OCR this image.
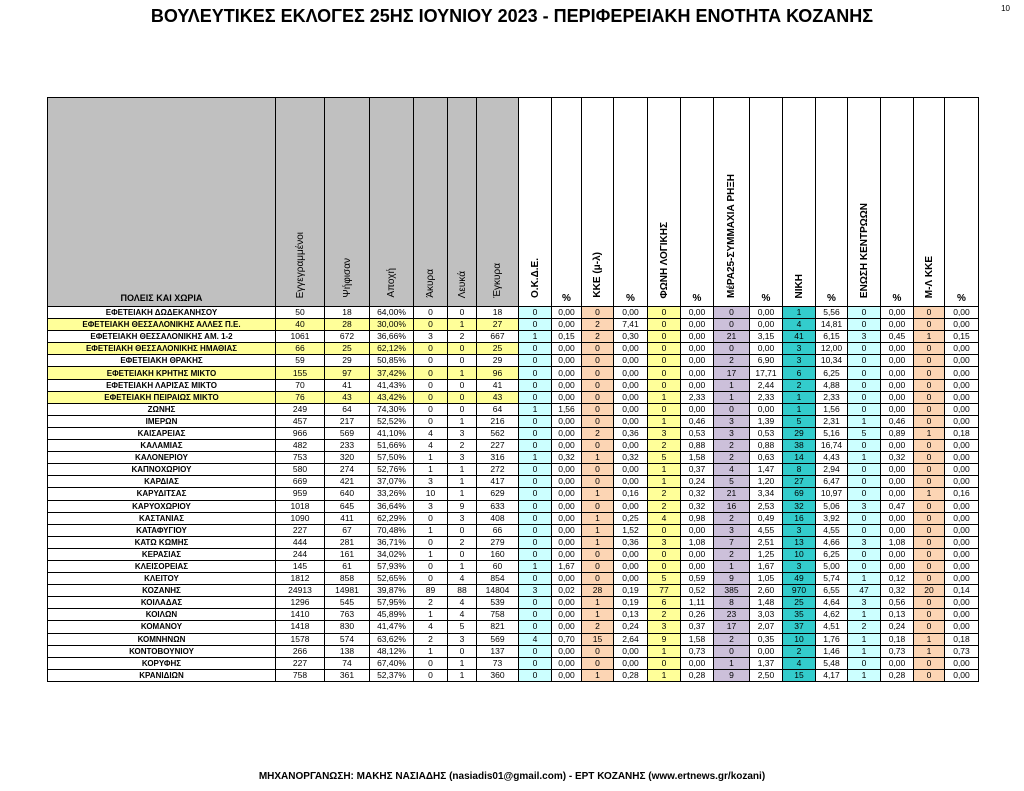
ΒΟΥΛΕΥΤΙΚΕΣ ΕΚΛΟΓΕΣ 25ΗΣ ΙΟΥΝΙΟΥ 2023 - ΠΕΡΙΦΕΡΕΙΑΚΗ ΕΝΟΤΗΤΑ ΚΟΖΑΝΗΣ	10
ΠΟΛΕΙΣ ΚΑΙ ΧΩΡΙΑ	Εγγεγραμμένοι	Ψήφισαν	Αποχή	Άκυρα	Λευκά	Έγκυρα	Ο.Κ.Δ.Ε.	%	ΚΚΕ (μ-λ)	%	ΦΩΝΗ ΛΟΓΙΚΗΣ	%	ΜέΡΑ25-ΣΥΜΜΑΧΙΑ ΡΗΞΗ	%	ΝΙΚΗ	%	ΕΝΩΣΗ ΚΕΝΤΡΩΩΝ	%	Μ-Λ ΚΚΕ	%
ΕΦΕΤΕΙΑΚΗ ΔΩΔΕΚΑΝΗΣΟΥ	50	18	64,00%	0	0	18	0	0,00	0	0,00	0	0,00	0	0,00	1	5,56	0	0,00	0	0,00
ΕΦΕΤΕΙΑΚΗ ΘΕΣΣΑΛΟΝΙΚΗΣ ΑΛΛΕΣ Π.Ε.	40	28	30,00%	0	1	27	0	0,00	2	7,41	0	0,00	0	0,00	4	14,81	0	0,00	0	0,00
ΕΦΕΤΕΙΑΚΗ ΘΕΣΣΑΛΟΝΙΚΗΣ ΑΜ. 1-2	1061	672	36,66%	3	2	667	1	0,15	2	0,30	0	0,00	21	3,15	41	6,15	3	0,45	1	0,15
ΕΦΕΤΕΙΑΚΗ ΘΕΣΣΑΛΟΝΙΚΗΣ ΗΜΑΘΙΑΣ	66	25	62,12%	0	0	25	0	0,00	0	0,00	0	0,00	0	0,00	3	12,00	0	0,00	0	0,00
ΕΦΕΤΕΙΑΚΗ ΘΡΑΚΗΣ	59	29	50,85%	0	0	29	0	0,00	0	0,00	0	0,00	2	6,90	3	10,34	0	0,00	0	0,00
ΕΦΕΤΕΙΑΚΗ ΚΡΗΤΗΣ ΜΙΚΤΟ	155	97	37,42%	0	1	96	0	0,00	0	0,00	0	0,00	17	17,71	6	6,25	0	0,00	0	0,00
ΕΦΕΤΕΙΑΚΗ ΛΑΡΙΣΑΣ ΜΙΚΤΟ	70	41	41,43%	0	0	41	0	0,00	0	0,00	0	0,00	1	2,44	2	4,88	0	0,00	0	0,00
ΕΦΕΤΕΙΑΚΗ ΠΕΙΡΑΙΩΣ ΜΙΚΤΟ	76	43	43,42%	0	0	43	0	0,00	0	0,00	1	2,33	1	2,33	1	2,33	0	0,00	0	0,00
ΖΩΝΗΣ	249	64	74,30%	0	0	64	1	1,56	0	0,00	0	0,00	0	0,00	1	1,56	0	0,00	0	0,00
ΙΜΕΡΩΝ	457	217	52,52%	0	1	216	0	0,00	0	0,00	1	0,46	3	1,39	5	2,31	1	0,46	0	0,00
ΚΑΙΣΑΡΕΙΑΣ	966	569	41,10%	4	3	562	0	0,00	2	0,36	3	0,53	3	0,53	29	5,16	5	0,89	1	0,18
ΚΑΛΑΜΙΑΣ	482	233	51,66%	4	2	227	0	0,00	0	0,00	2	0,88	2	0,88	38	16,74	0	0,00	0	0,00
ΚΑΛΟΝΕΡΙΟΥ	753	320	57,50%	1	3	316	1	0,32	1	0,32	5	1,58	2	0,63	14	4,43	1	0,32	0	0,00
ΚΑΠΝΟΧΩΡΙΟΥ	580	274	52,76%	1	1	272	0	0,00	0	0,00	1	0,37	4	1,47	8	2,94	0	0,00	0	0,00
ΚΑΡΔΙΑΣ	669	421	37,07%	3	1	417	0	0,00	0	0,00	1	0,24	5	1,20	27	6,47	0	0,00	0	0,00
ΚΑΡΥΔΙΤΣΑΣ	959	640	33,26%	10	1	629	0	0,00	1	0,16	2	0,32	21	3,34	69	10,97	0	0,00	1	0,16
ΚΑΡΥΟΧΩΡΙΟΥ	1018	645	36,64%	3	9	633	0	0,00	0	0,00	2	0,32	16	2,53	32	5,06	3	0,47	0	0,00
ΚΑΣΤΑΝΙΑΣ	1090	411	62,29%	0	3	408	0	0,00	1	0,25	4	0,98	2	0,49	16	3,92	0	0,00	0	0,00
ΚΑΤΑΦΥΓΙΟΥ	227	67	70,48%	1	0	66	0	0,00	1	1,52	0	0,00	3	4,55	3	4,55	0	0,00	0	0,00
ΚΑΤΩ ΚΩΜΗΣ	444	281	36,71%	0	2	279	0	0,00	1	0,36	3	1,08	7	2,51	13	4,66	3	1,08	0	0,00
ΚΕΡΑΣΙΑΣ	244	161	34,02%	1	0	160	0	0,00	0	0,00	0	0,00	2	1,25	10	6,25	0	0,00	0	0,00
ΚΛΕΙΣΟΡΕΙΑΣ	145	61	57,93%	0	1	60	1	1,67	0	0,00	0	0,00	1	1,67	3	5,00	0	0,00	0	0,00
ΚΛΕΙΤΟΥ	1812	858	52,65%	0	4	854	0	0,00	0	0,00	5	0,59	9	1,05	49	5,74	1	0,12	0	0,00
ΚΟΖΑΝΗΣ	24913	14981	39,87%	89	88	14804	3	0,02	28	0,19	77	0,52	385	2,60	970	6,55	47	0,32	20	0,14
ΚΟΙΛΑΔΑΣ	1296	545	57,95%	2	4	539	0	0,00	1	0,19	6	1,11	8	1,48	25	4,64	3	0,56	0	0,00
ΚΟΙΛΩΝ	1410	763	45,89%	1	4	758	0	0,00	1	0,13	2	0,26	23	3,03	35	4,62	1	0,13	0	0,00
ΚΟΜΑΝΟΥ	1418	830	41,47%	4	5	821	0	0,00	2	0,24	3	0,37	17	2,07	37	4,51	2	0,24	0	0,00
ΚΟΜΝΗΝΩΝ	1578	574	63,62%	2	3	569	4	0,70	15	2,64	9	1,58	2	0,35	10	1,76	1	0,18	1	0,18
ΚΟΝΤΟΒΟΥΝΙΟΥ	266	138	48,12%	1	0	137	0	0,00	0	0,00	1	0,73	0	0,00	2	1,46	1	0,73	1	0,73
ΚΟΡΥΦΗΣ	227	74	67,40%	0	1	73	0	0,00	0	0,00	0	0,00	1	1,37	4	5,48	0	0,00	0	0,00
ΚΡΑΝΙΔΙΩΝ	758	361	52,37%	0	1	360	0	0,00	1	0,28	1	0,28	9	2,50	15	4,17	1	0,28	0	0,00
ΜΗΧΑΝΟΡΓΑΝΩΣΗ: ΜΑΚΗΣ ΝΑΣΙΑΔΗΣ (nasiadis01@gmail.com) - ΕΡΤ ΚΟΖΑΝΗΣ (www.ertnews.gr/kozani)
